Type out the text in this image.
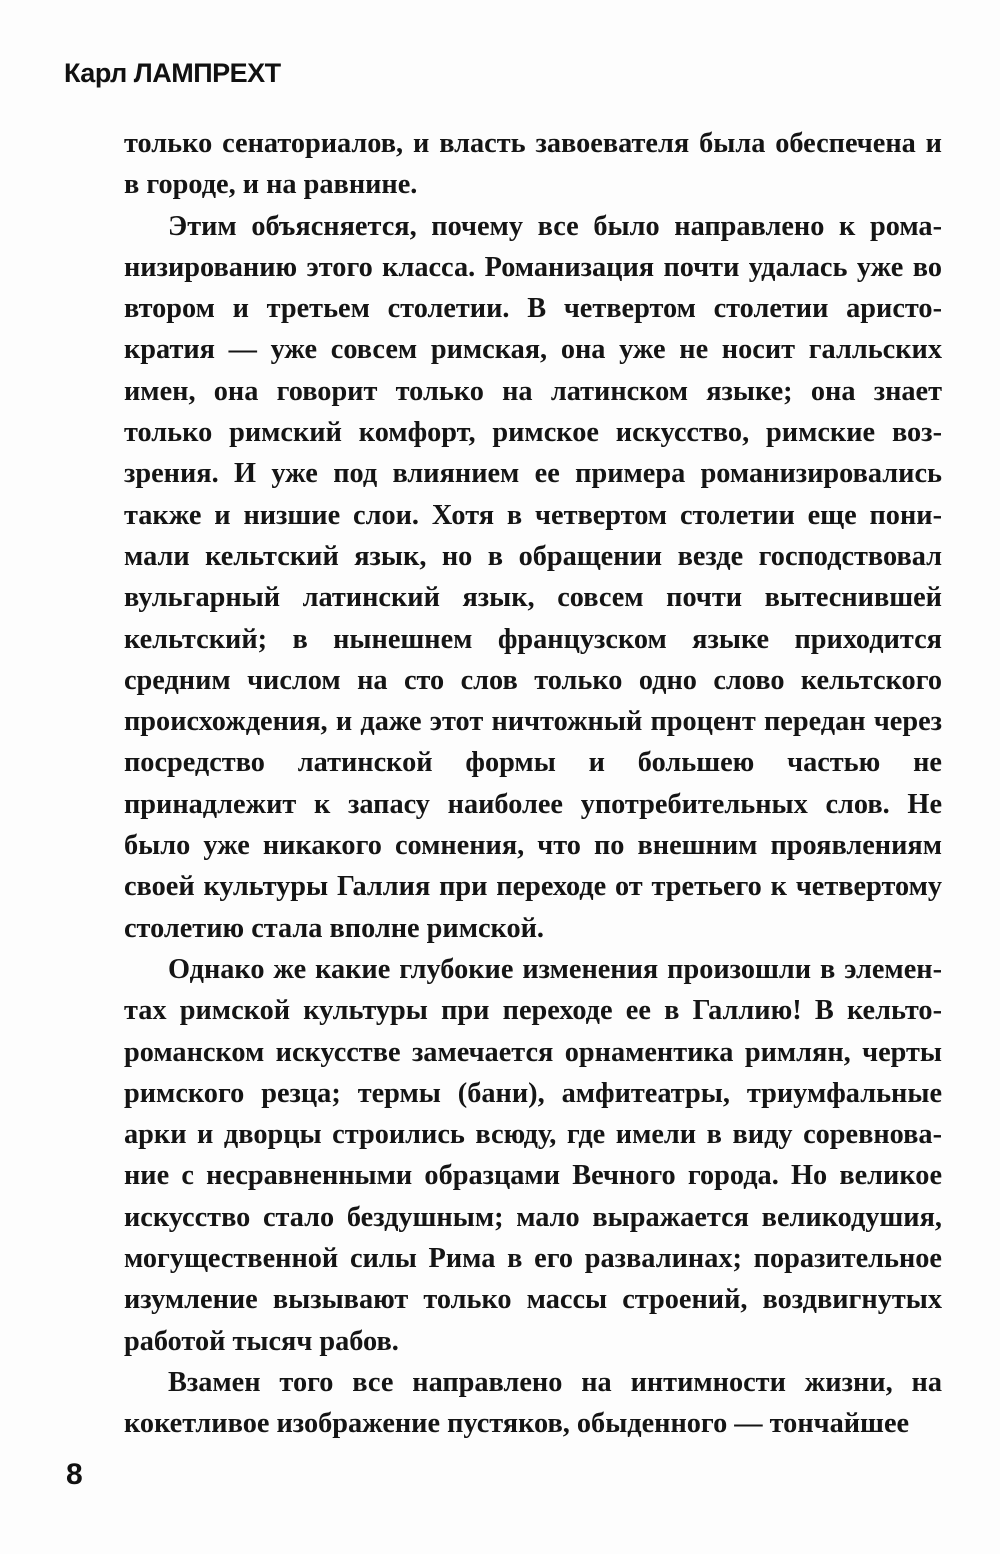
Карл ЛАМПРЕХТ

только сенаториалов, и власть завоевателя была обеспечена и в городе, и на равнине.

Этим объясняется, почему все было направлено к романизированию этого класса. Романизация почти удалась уже во втором и третьем столетии. В четвертом столетии аристократия — уже совсем римская, она уже не носит галльских имен, она говорит только на латинском языке; она знает только римский комфорт, римское искусство, римские воззрения. И уже под влиянием ее примера романизировались также и низшие слои. Хотя в четвертом столетии еще понимали кельтский язык, но в обращении везде господствовал вульгарный латинский язык, совсем почти вытеснившей кельтский; в нынешнем французском языке приходится средним числом на сто слов только одно слово кельтского происхождения, и даже этот ничтожный процент передан через посредство латинской формы и большею частью не принадлежит к запасу наиболее употребительных слов. Не было уже никакого сомнения, что по внешним проявлениям своей культуры Галлия при переходе от третьего к четвертому столетию стала вполне римской.

Однако же какие глубокие изменения произошли в элементах римской культуры при переходе ее в Галлию! В кельтороманском искусстве замечается орнаментика римлян, черты римского резца; термы (бани), амфитеатры, триумфальные арки и дворцы строились всюду, где имели в виду соревнование с несравненными образцами Вечного города. Но великое искусство стало бездушным; мало выражается великодушия, могущественной силы Рима в его развалинах; поразительное изумление вызывают только массы строений, воздвигнутых работой тысяч рабов.

Взамен того все направлено на интимности жизни, на кокетливое изображение пустяков, обыденного — тончайшее

8
